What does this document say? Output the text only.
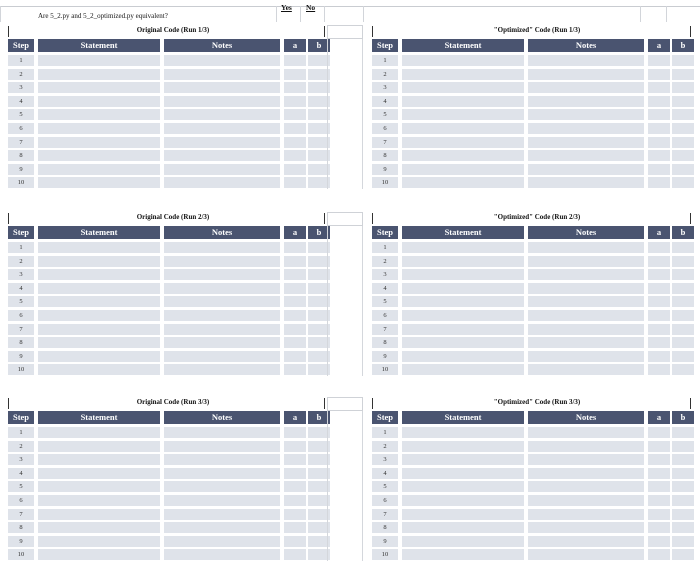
Yes No
Are 5_2.py and 5_2_optimized.py equivalent?
Original Code (Run 1/3)
Step	Statement	Notes	a	b
1
2
3
4
5
6
7
8
9
10
"Optimized" Code (Run 1/3)
Step	Statement	Notes	a	b
1
2
3
4
5
6
7
8
9
10
Original Code (Run 2/3)
Step	Statement	Notes	a	b
1
2
3
4
5
6
7
8
9
10
"Optimized" Code (Run 2/3)
Step	Statement	Notes	a	b
1
2
3
4
5
6
7
8
9
10
Original Code (Run 3/3)
Step	Statement	Notes	a	b
1
2
3
4
5
6
7
8
9
10
"Optimized" Code (Run 3/3)
Step	Statement	Notes	a	b
1
2
3
4
5
6
7
8
9
10
